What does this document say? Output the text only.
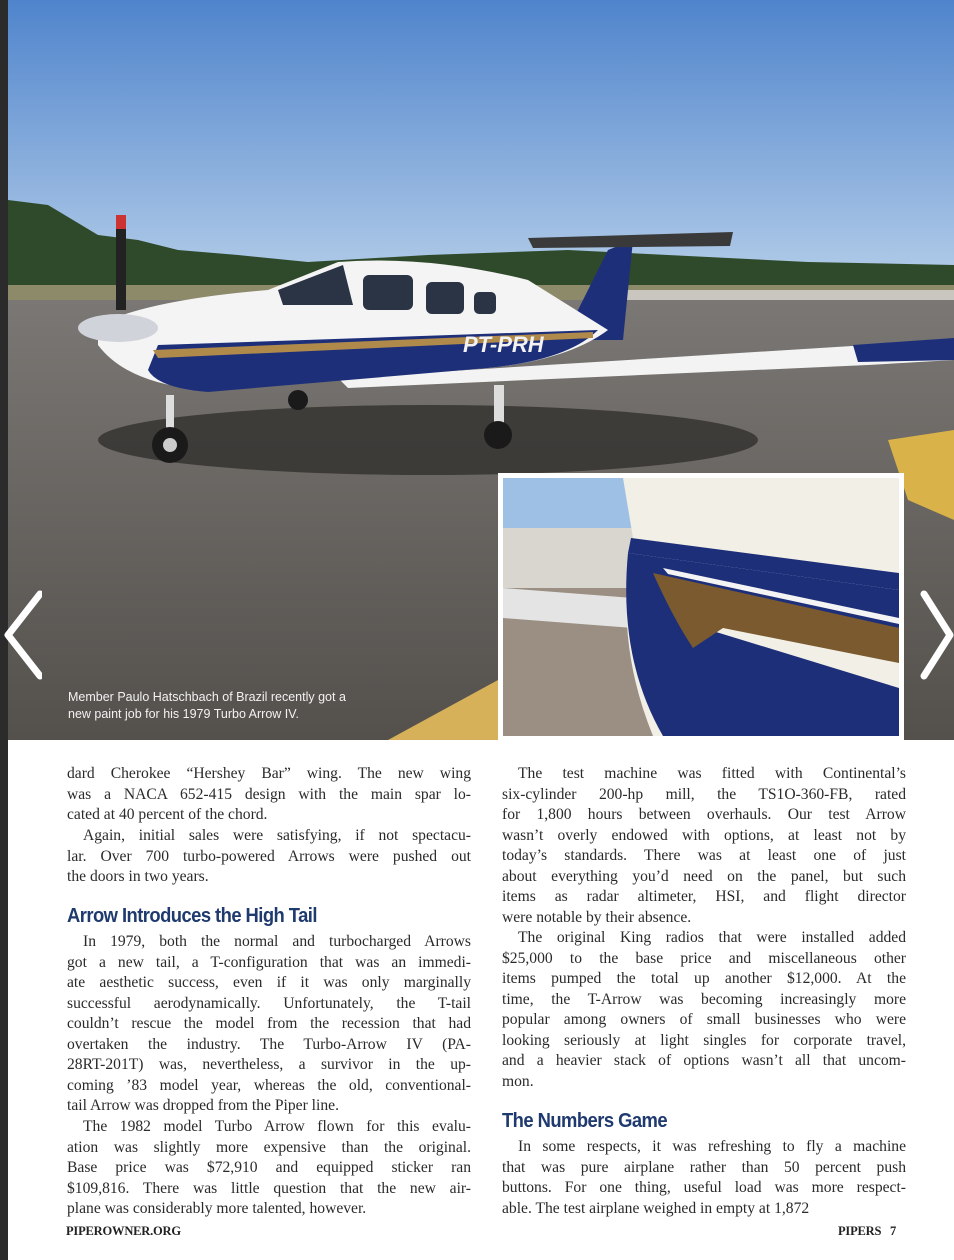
PT-PRH
Member Paulo Hatschbach of Brazil recently got a
new paint job for his 1979 Turbo Arrow IV.
dard Cherokee “Hershey Bar” wing. The new wing
was a NACA 652-415 design with the main spar lo-
cated at 40 percent of the chord.
Again, initial sales were satisfying, if not spectacu-
lar. Over 700 turbo-powered Arrows were pushed out
the doors in two years.
Arrow Introduces the High Tail
In 1979, both the normal and turbocharged Arrows
got a new tail, a T-configuration that was an immedi-
ate aesthetic success, even if it was only marginally
successful aerodynamically. Unfortunately, the T-tail
couldn’t rescue the model from the recession that had
overtaken the industry. The Turbo-Arrow IV (PA-
28RT-201T) was, nevertheless, a survivor in the up-
coming ’83 model year, whereas the old, conventional-
tail Arrow was dropped from the Piper line.
The 1982 model Turbo Arrow flown for this evalu-
ation was slightly more expensive than the original.
Base price was $72,910 and equipped sticker ran
$109,816. There was little question that the new air-
plane was considerably more talented, however.
The test machine was fitted with Continental’s
six-cylinder 200-hp mill, the TS1O-360-FB, rated
for 1,800 hours between overhauls. Our test Arrow
wasn’t overly endowed with options, at least not by
today’s standards. There was at least one of just
about everything you’d need on the panel, but such
items as radar altimeter, HSI, and flight director
were notable by their absence.
The original King radios that were installed added
$25,000 to the base price and miscellaneous other
items pumped the total up another $12,000. At the
time, the T-Arrow was becoming increasingly more
popular among owners of small businesses who were
looking seriously at light singles for corporate travel,
and a heavier stack of options wasn’t all that uncom-
mon.
The Numbers Game
In some respects, it was refreshing to fly a machine
that was pure airplane rather than 50 percent push
buttons. For one thing, useful load was more respect-
able. The test airplane weighed in empty at 1,872
PIPEROWNER.ORG	PIPERS 7
